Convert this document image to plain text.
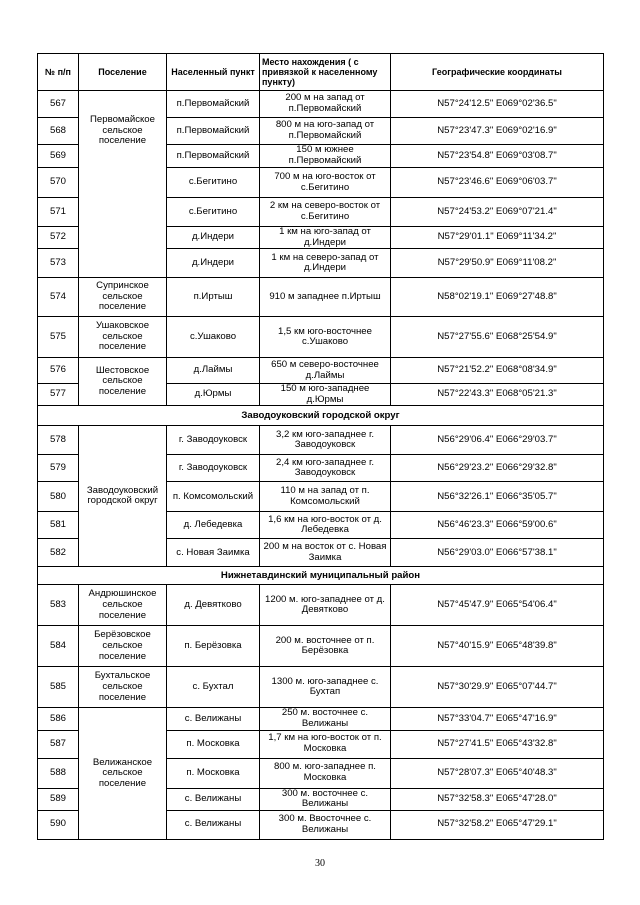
№ п/п	Поселение	Населенный пункт	Место нахождения ( с привязкой к населенному пункту)	Географические координаты
567	Первомайское сельское поселение	п.Первомайский	200 м на запад от п.Первомайский	N57°24'12.5" E069°02'36.5"
568		п.Первомайский	800 м на юго-запад от п.Первомайский	N57°23'47.3" E069°02'16.9"
569		п.Первомайский	150 м южнее п.Первомайский	N57°23'54.8" E069°03'08.7"
570		с.Бегитино	700 м на юго-восток от с.Бегитино	N57°23'46.6" E069°06'03.7"
571		с.Бегитино	2 км на северо-восток от с.Бегитино	N57°24'53.2" E069°07'21.4"
572		д.Индери	1 км на юго-запад от д.Индери	N57°29'01.1" E069°11'34.2"
573		д.Индери	1 км на северо-запад от д.Индери	N57°29'50.9" E069°11'08.2"
574	Супринское сельское поселение	п.Иртыш	910 м западнее п.Иртыш	N58°02'19.1" E069°27'48.8"
575	Ушаковское сельское поселение	с.Ушаково	1,5 км юго-восточнее с.Ушаково	N57°27'55.6" E068°25'54.9"
576	Шестовское сельское поселение	д.Лаймы	650 м северо-восточнее д.Лаймы	N57°21'52.2" E068°08'34.9"
577		д.Юрмы	150 м юго-западнее д.Юрмы	N57°22'43.3" E068°05'21.3"
Заводоуковский городской округ				
578	Заводоуковский городской округ	г. Заводоуковск	3,2 км юго-западнее г. Заводоуковск	N56°29'06.4" E066°29'03.7"
579		г. Заводоуковск	2,4 км юго-западнее г. Заводоуковск	N56°29'23.2" E066°29'32.8"
580		п. Комсомольский	110 м на запад от п. Комсомольский	N56°32'26.1" E066°35'05.7"
581		д. Лебедевка	1,6 км на юго-восток от д. Лебедевка	N56°46'23.3" E066°59'00.6"
582		с. Новая Заимка	200 м на восток от с. Новая Заимка	N56°29'03.0" E066°57'38.1"
Нижнетавдинский муниципальный район				
583	Андрюшинское сельское поселение	д. Девятково	1200 м. юго-западнее от д. Девятково	N57°45'47.9" E065°54'06.4"
584	Берёзовское сельское поселение	п. Берёзовка	200 м. восточнее от п. Берёзовка	N57°40'15.9" E065°48'39.8"
585	Бухтальское сельское поселение	с. Бухтал	1300 м. юго-западнее с. Бухтап	N57°30'29.9" E065°07'44.7"
586	Велижанское сельское поселение	с. Велижаны	250 м. восточнее с. Велижаны	N57°33'04.7" E065°47'16.9"
587		п. Московка	1,7 км на юго-восток от п. Московка	N57°27'41.5" E065°43'32.8"
588		п. Московка	800 м. юго-западнее п. Московка	N57°28'07.3" E065°40'48.3"
589		с. Велижаны	300 м. восточнее с. Велижаны	N57°32'58.3" E065°47'28.0"
590		с. Велижаны	300 м. Ввосточнее с. Велижаны	N57°32'58.2" E065°47'29.1"
30
